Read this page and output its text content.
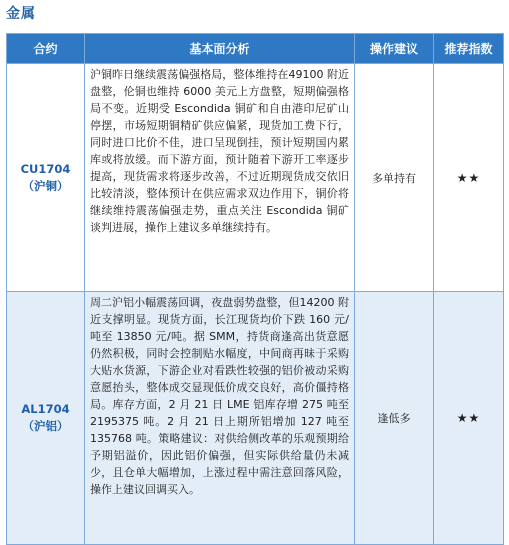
金属
合约	基本面分析	操作建议	推荐指数

CU1704
（沪铜）	沪铜昨日继续震荡偏强格局，整体维持在49100 附近盘整，伦铜也维持 6000 美元上方盘整，短期偏强格局不变。近期受 Escondida 铜矿和自由港印尼矿山停摆，市场短期铜精矿供应偏紧，现货加工费下行，同时进口比价不佳，进口呈现倒挂，预计短期国内累库或将放缓。而下游方面，预计随着下游开工率逐步提高，现货需求将逐步改善，不过近期现货成交依旧比较清淡，整体预计在供应需求双边作用下，铜价将继续维持震荡偏强走势，重点关注 Escondida 铜矿谈判进展，操作上建议多单继续持有。	多单持有	★★

AL1704
（沪铝）	周二沪铝小幅震荡回调，夜盘弱势盘整，但14200 附近支撑明显。现货方面，长江现货均价下跌 160 元/吨至 13850 元/吨。据 SMM，持货商逢高出货意愿仍然积极，同时会控制贴水幅度，中间商再昧于采购大贴水货源，下游企业对看跌性较强的铝价被动采购意愿抬头，整体成交显现低价成交良好，高价僵持格局。库存方面，2 月 21 日 LME 铝库存增 275 吨至2195375 吨。2 月 21 日上期所铝增加 127 吨至 135768 吨。策略建议：对供给侧改革的乐观预期给予期铝溢价，因此铝价偏强，但实际供给量仍未减少，且仓单大幅增加，上涨过程中需注意回落风险，操作上建议回调买入。	逢低多	★★
